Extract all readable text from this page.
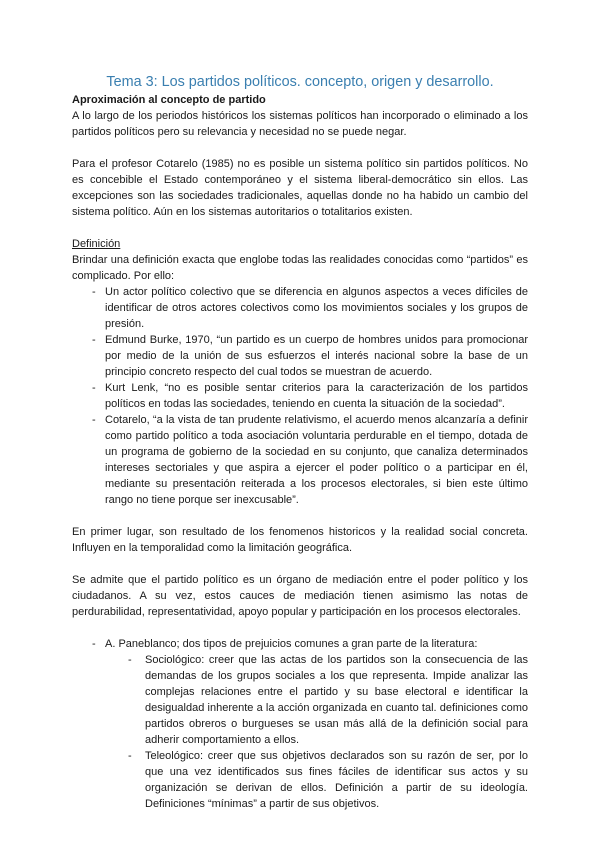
Tema 3: Los partidos políticos. concepto, origen y desarrollo.
Aproximación al concepto de partido

A lo largo de los periodos históricos los sistemas políticos han incorporado o eliminado a los partidos políticos pero su relevancia y necesidad no se puede negar.

Para el profesor Cotarelo (1985) no es posible un sistema político sin partidos políticos. No es concebible el Estado contemporáneo y el sistema liberal-democrático sin ellos. Las excepciones son las sociedades tradicionales, aquellas donde no ha habido un cambio del sistema político. Aún en los sistemas autoritarios o totalitarios existen.

Definición

Brindar una definición exacta que englobe todas las realidades conocidas como “partidos” es complicado. Por ello:

- Un actor político colectivo que se diferencia en algunos aspectos a veces difíciles de identificar de otros actores colectivos como los movimientos sociales y los grupos de presión.
- Edmund Burke, 1970, “un partido es un cuerpo de hombres unidos para promocionar por medio de la unión de sus esfuerzos el interés nacional sobre la base de un principio concreto respecto del cual todos se muestran de acuerdo.
- Kurt Lenk, “no es posible sentar criterios para la caracterización de los partidos políticos en todas las sociedades, teniendo en cuenta la situación de la sociedad”.
- Cotarelo, “a la vista de tan prudente relativismo, el acuerdo menos alcanzaría a definir como partido político a toda asociación voluntaria perdurable en el tiempo, dotada de un programa de gobierno de la sociedad en su conjunto, que canaliza determinados intereses sectoriales y que aspira a ejercer el poder político o a participar en él, mediante su presentación reiterada a los procesos electorales, si bien este último rango no tiene porque ser inexcusable”.

En primer lugar, son resultado de los fenomenos historicos y la realidad social concreta. Influyen en la temporalidad como la limitación geográfica.

Se admite que el partido político es un órgano de mediación entre el poder político y los ciudadanos. A su vez, estos cauces de mediación tienen asimismo las notas de perdurabilidad, representatividad, apoyo popular y participación en los procesos electorales.

- A. Paneblanco; dos tipos de prejuicios comunes a gran parte de la literatura:
- Sociológico: creer que las actas de los partidos son la consecuencia de las demandas de los grupos sociales a los que representa. Impide analizar las complejas relaciones entre el partido y su base electoral e identificar la desigualdad inherente a la acción organizada en cuanto tal. definiciones como partidos obreros o burgueses se usan más allá de la definición social para adherir comportamiento a ellos.
- Teleológico: creer que sus objetivos declarados son su razón de ser, por lo que una vez identificados sus fines fáciles de identificar sus actos y su organización se derivan de ellos. Definición a partir de su ideología. Definiciones “mínimas” a partir de sus objetivos.
